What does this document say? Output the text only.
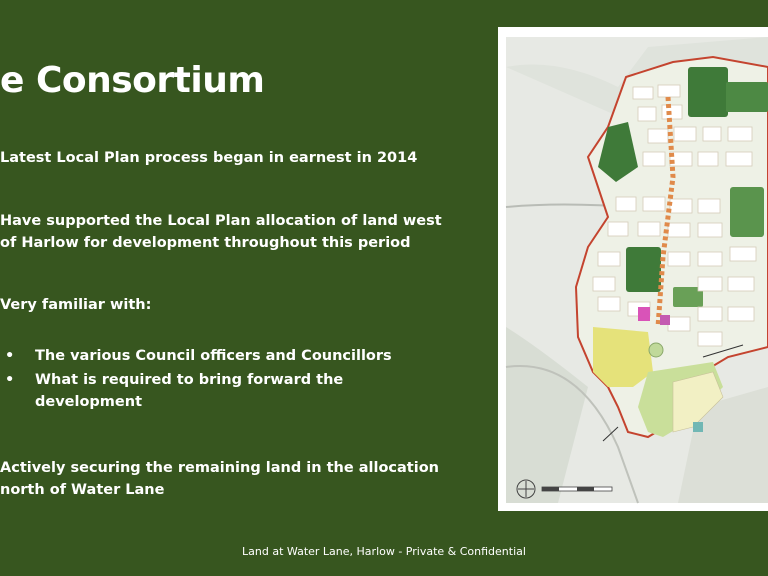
e Consortium
Latest Local Plan process began in earnest in 2014
Have supported the Local Plan allocation of land west
of Harlow for development throughout this period
Very familiar with:
• The various Council officers and Councillors
• What is required to bring forward the
development
Actively securing the remaining land in the allocation
north of Water Lane
Land at Water Lane, Harlow - Private & Confidential
